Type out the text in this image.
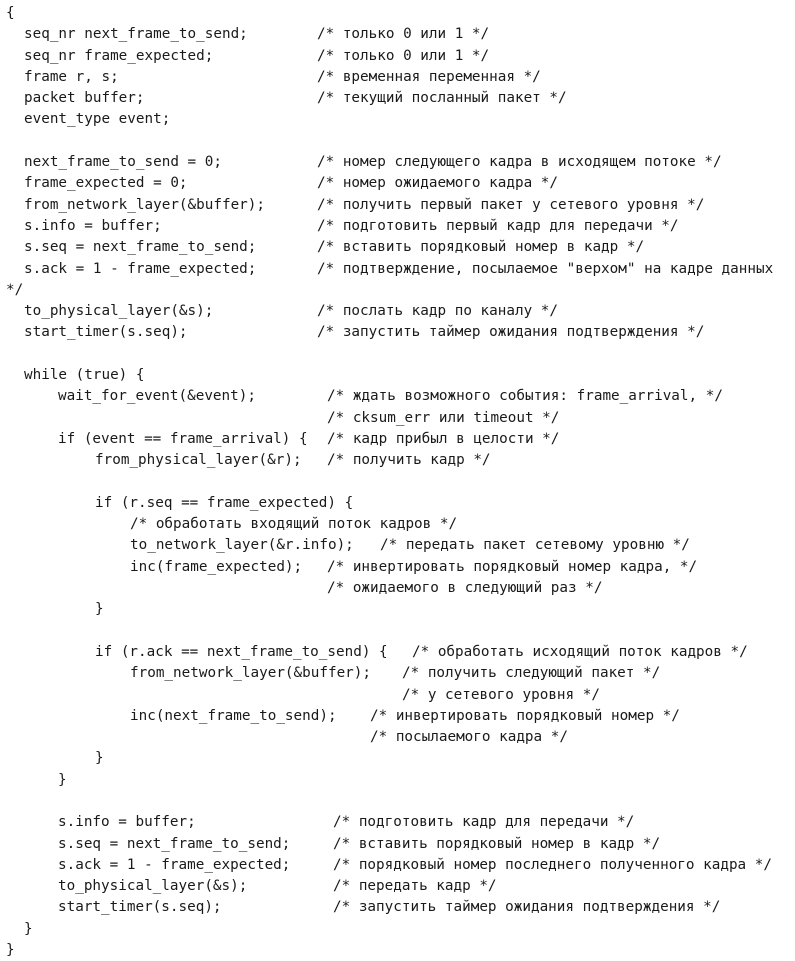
{
seq_nr next_frame_to_send;	/* только 0 или 1 */
seq_nr frame_expected;	/* только 0 или 1 */
frame r, s;	/* временная переменная */
packet buffer;	/* текущий посланный пакет */
event_type event;
next_frame_to_send = 0;	/* номер следующего кадра в исходящем потоке */
frame_expected = 0;	/* номер ожидаемого кадра */
from_network_layer(&buffer);	/* получить первый пакет у сетевого уровня */
s.info = buffer;	/* подготовить первый кадр для передачи */
s.seq = next_frame_to_send;	/* вставить порядковый номер в кадр */
s.ack = 1 - frame_expected;	/* подтверждение, посылаемое "верхом" на кадре данных
*/
to_physical_layer(&s);	/* послать кадр по каналу */
start_timer(s.seq);	/* запустить таймер ожидания подтверждения */
while (true) {
wait_for_event(&event);	/* ждать возможного события: frame_arrival, */
/* cksum_err или timeout */
if (event == frame_arrival) { /* кадр прибыл в целости */
from_physical_layer(&r); /* получить кадр */
if (r.seq == frame_expected) {
/* обработать входящий поток кадров */
to_network_layer(&r.info); /* передать пакет сетевому уровню */
inc(frame_expected); /* инвертировать порядковый номер кадра, */
/* ожидаемого в следующий раз */
}
if (r.ack == next_frame_to_send) { /* обработать исходящий поток кадров */
from_network_layer(&buffer); /* получить следующий пакет */
/* у сетевого уровня */
inc(next_frame_to_send); /* инвертировать порядковый номер */
/* посылаемого кадра */
}
}
s.info = buffer;	/* подготовить кадр для передачи */
s.seq = next_frame_to_send;	/* вставить порядковый номер в кадр */
s.ack = 1 - frame_expected;	/* порядковый номер последнего полученного кадра */
to_physical_layer(&s);	/* передать кадр */
start_timer(s.seq);	/* запустить таймер ожидания подтверждения */
}
}
